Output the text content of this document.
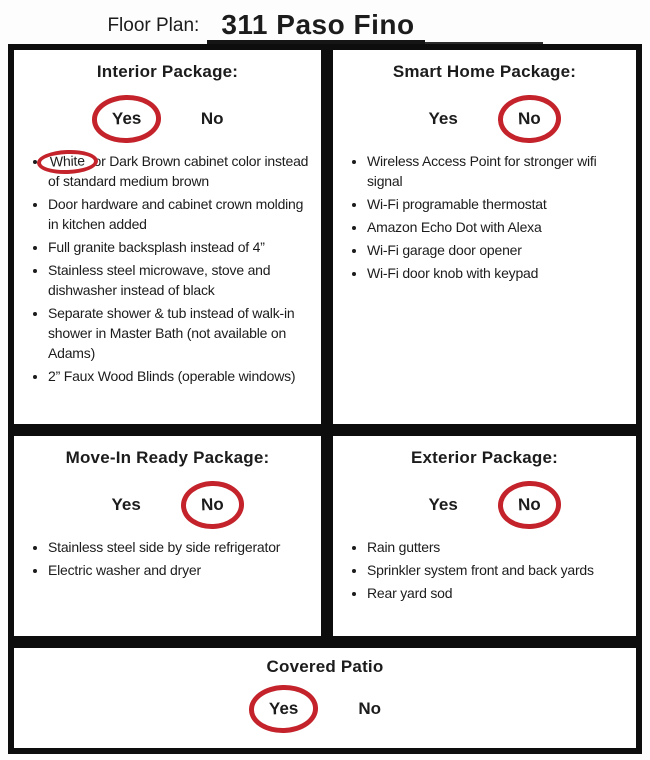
Floor Plan: 311 Paso Fino
Interior Package:
Yes	No
• White or Dark Brown cabinet color instead of standard medium brown
• Door hardware and cabinet crown molding in kitchen added
• Full granite backsplash instead of 4”
• Stainless steel microwave, stove and dishwasher instead of black
• Separate shower & tub instead of walk-in shower in Master Bath (not available on Adams)
• 2” Faux Wood Blinds (operable windows)
Smart Home Package:
Yes	No
• Wireless Access Point for stronger wifi signal
• Wi-Fi programable thermostat
• Amazon Echo Dot with Alexa
• Wi-Fi garage door opener
• Wi-Fi door knob with keypad
Move-In Ready Package:
Yes	No
• Stainless steel side by side refrigerator
• Electric washer and dryer
Exterior Package:
Yes	No
• Rain gutters
• Sprinkler system front and back yards
• Rear yard sod
Covered Patio
Yes	No
